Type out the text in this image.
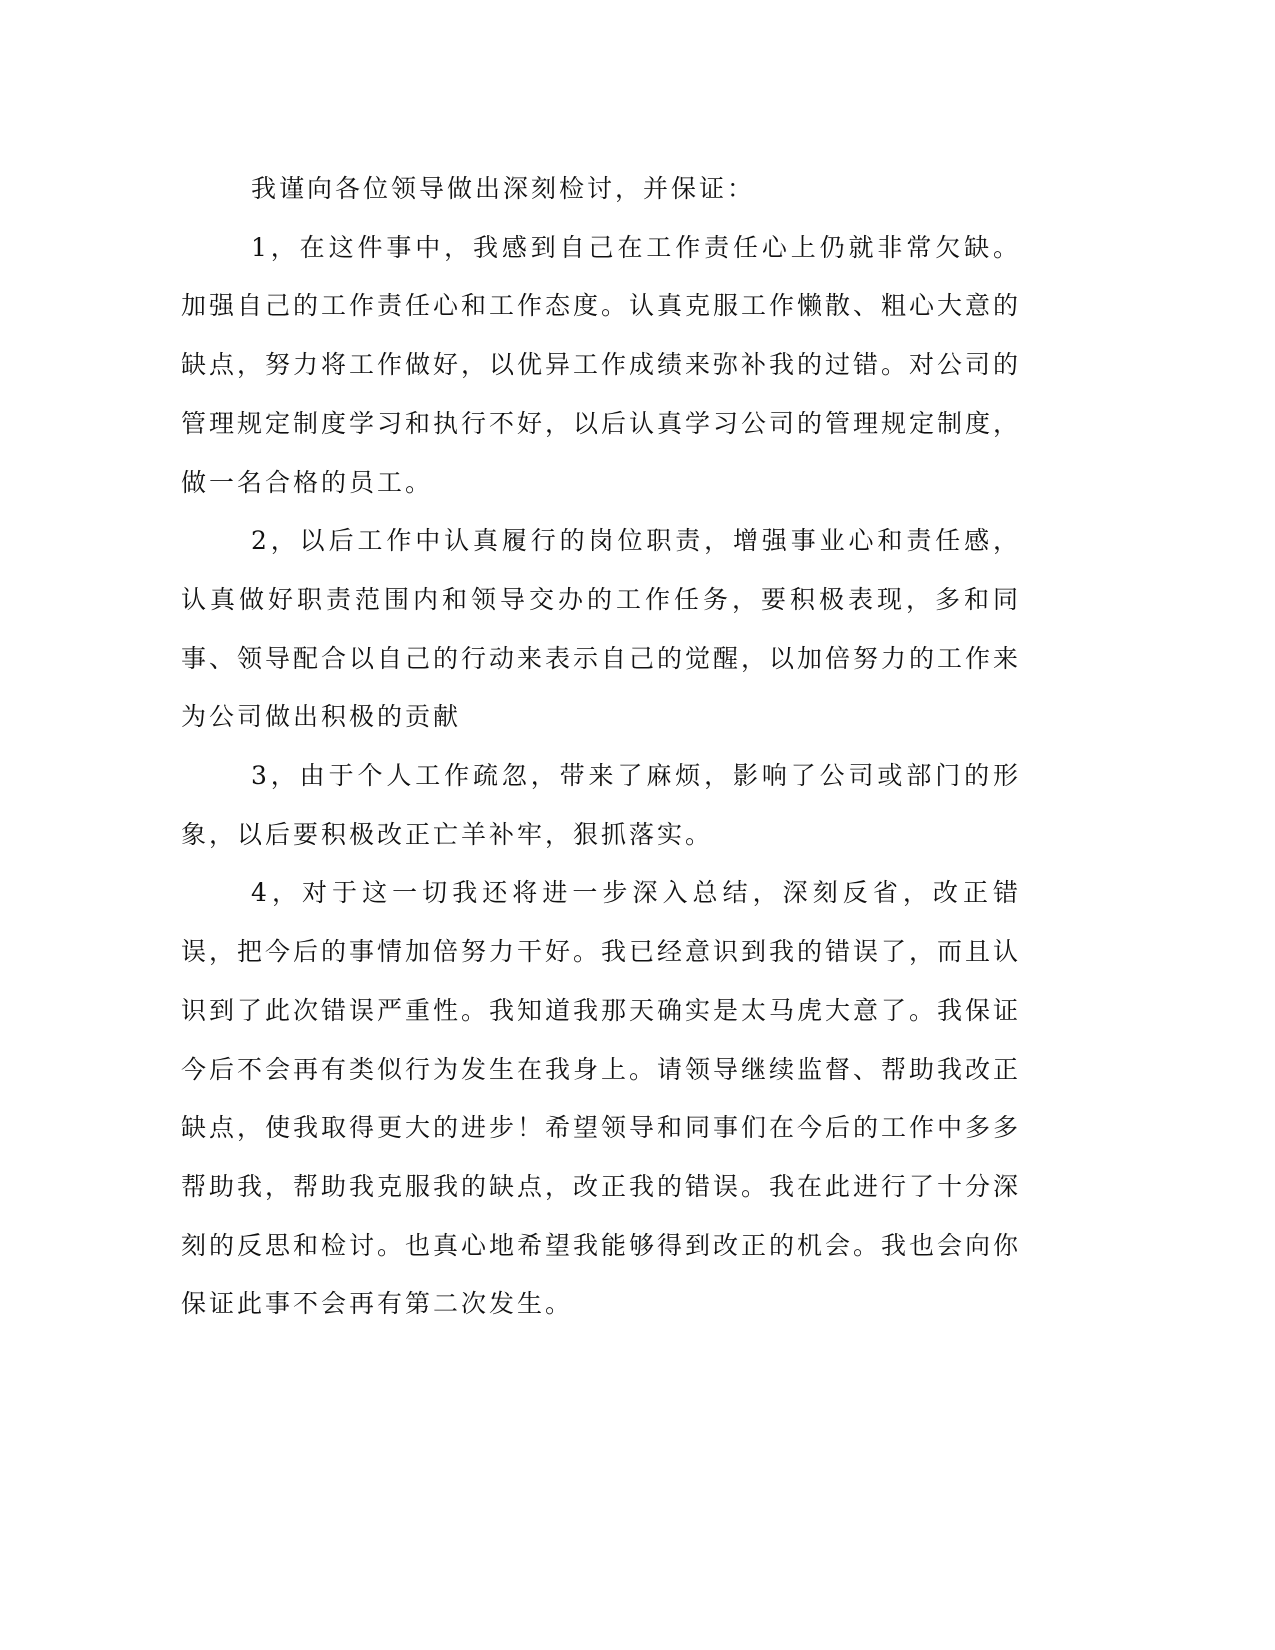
我谨向各位领导做出深刻检讨，并保证：

1，在这件事中，我感到自己在工作责任心上仍就非常欠缺。加强自己的工作责任心和工作态度。认真克服工作懒散、粗心大意的缺点，努力将工作做好，以优异工作成绩来弥补我的过错。对公司的管理规定制度学习和执行不好，以后认真学习公司的管理规定制度，做一名合格的员工。

2，以后工作中认真履行的岗位职责，增强事业心和责任感，认真做好职责范围内和领导交办的工作任务，要积极表现，多和同事、领导配合以自己的行动来表示自己的觉醒，以加倍努力的工作来为公司做出积极的贡献

3，由于个人工作疏忽，带来了麻烦，影响了公司或部门的形象，以后要积极改正亡羊补牢，狠抓落实。

4，对于这一切我还将进一步深入总结，深刻反省，改正错误，把今后的事情加倍努力干好。我已经意识到我的错误了，而且认识到了此次错误严重性。我知道我那天确实是太马虎大意了。我保证今后不会再有类似行为发生在我身上。请领导继续监督、帮助我改正缺点，使我取得更大的进步！希望领导和同事们在今后的工作中多多帮助我，帮助我克服我的缺点，改正我的错误。我在此进行了十分深刻的反思和检讨。也真心地希望我能够得到改正的机会。我也会向你保证此事不会再有第二次发生。
